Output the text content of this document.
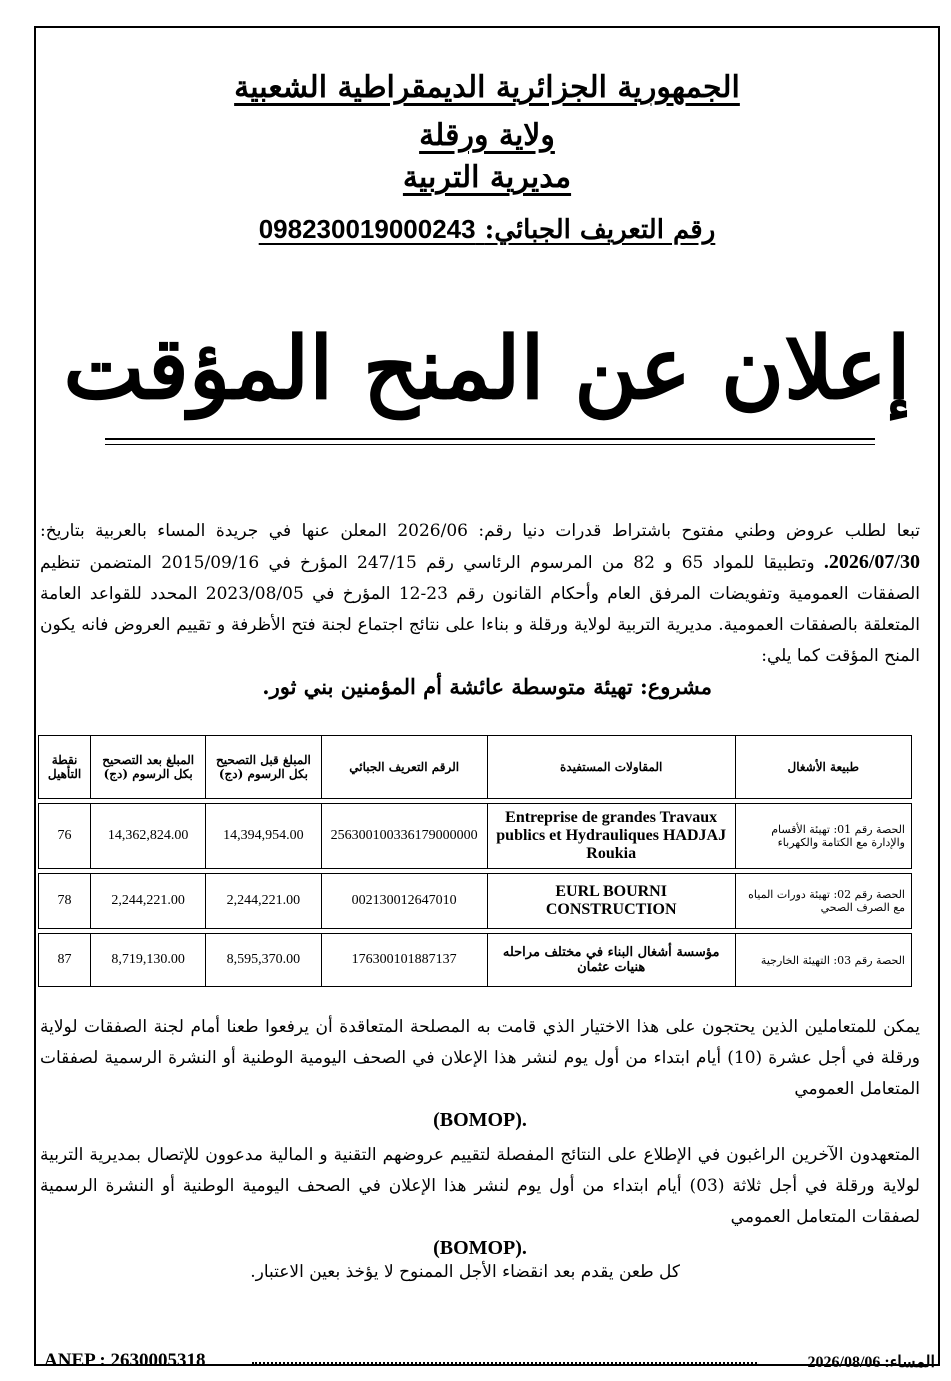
الجمهورية الجزائرية الديمقراطية الشعبية
ولاية ورقلة
مديرية التربية
رقم التعريف الجبائي: 098230019000243
إعلان عن المنح المؤقت
تبعا لطلب عروض وطني مفتوح باشتراط قدرات دنيا رقم: 2026/06 المعلن عنها في جريدة المساء بالعربية بتاريخ: 2026/07/30. وتطبيقا للمواد 65 و 82 من المرسوم الرئاسي رقم 247/15 المؤرخ في 2015/09/16 المتضمن تنظيم الصفقات العمومية وتفويضات المرفق العام وأحكام القانون رقم 23-12 المؤرخ في 2023/08/05 المحدد للقواعد العامة المتعلقة بالصفقات العمومية. مديرية التربية لولاية ورقلة و بناءا على نتائج اجتماع لجنة فتح الأظرفة و تقييم العروض فانه يكون المنح المؤقت كما يلي:
مشروع: تهيئة متوسطة عائشة أم المؤمنين بني ثور.
طبيعة الأشغال	المقاولات المستفيدة	الرقم التعريف الجبائي	المبلغ قبل التصحيح بكل الرسوم (دج)	المبلغ بعد التصحيح بكل الرسوم (دج)	نقطة التأهيل

الحصة رقم 01: تهيئة الأقسام والإدارة مع الكتامة والكهرباء	Entreprise de grandes Travaux publics et Hydrauliques HADJAJ Roukia	256300100336179000000	14,394,954.00	14,362,824.00	76

الحصة رقم 02: تهيئة دورات المياه مع الصرف الصحي	EURL BOURNI CONSTRUCTION	002130012647010	2,244,221.00	2,244,221.00	78

الحصة رقم 03: التهيئة الخارجية	مؤسسة أشغال البناء في مختلف مراحله هنيات عثمان	176300101887137	8,595,370.00	8,719,130.00	87
يمكن للمتعاملين الذين يحتجون على هذا الاختيار الذي قامت به المصلحة المتعاقدة أن يرفعوا طعنا أمام لجنة الصفقات لولاية ورقلة في أجل عشرة (10) أيام ابتداء من أول يوم لنشر هذا الإعلان في الصحف اليومية الوطنية أو النشرة الرسمية لصفقات المتعامل العمومي
(BOMOP).
المتعهدون الآخرين الراغبون في الإطلاع على النتائج المفصلة لتقييم عروضهم التقنية و المالية مدعوون للإتصال بمديرية التربية لولاية ورقلة في أجل ثلاثة (03) أيام ابتداء من أول يوم لنشر هذا الإعلان في الصحف اليومية الوطنية أو النشرة الرسمية لصفقات المتعامل العمومي
(BOMOP).
كل طعن يقدم بعد انقضاء الأجل الممنوح لا يؤخذ بعين الاعتبار.
ANEP : 2630005318	المساء: 2026/08/06
